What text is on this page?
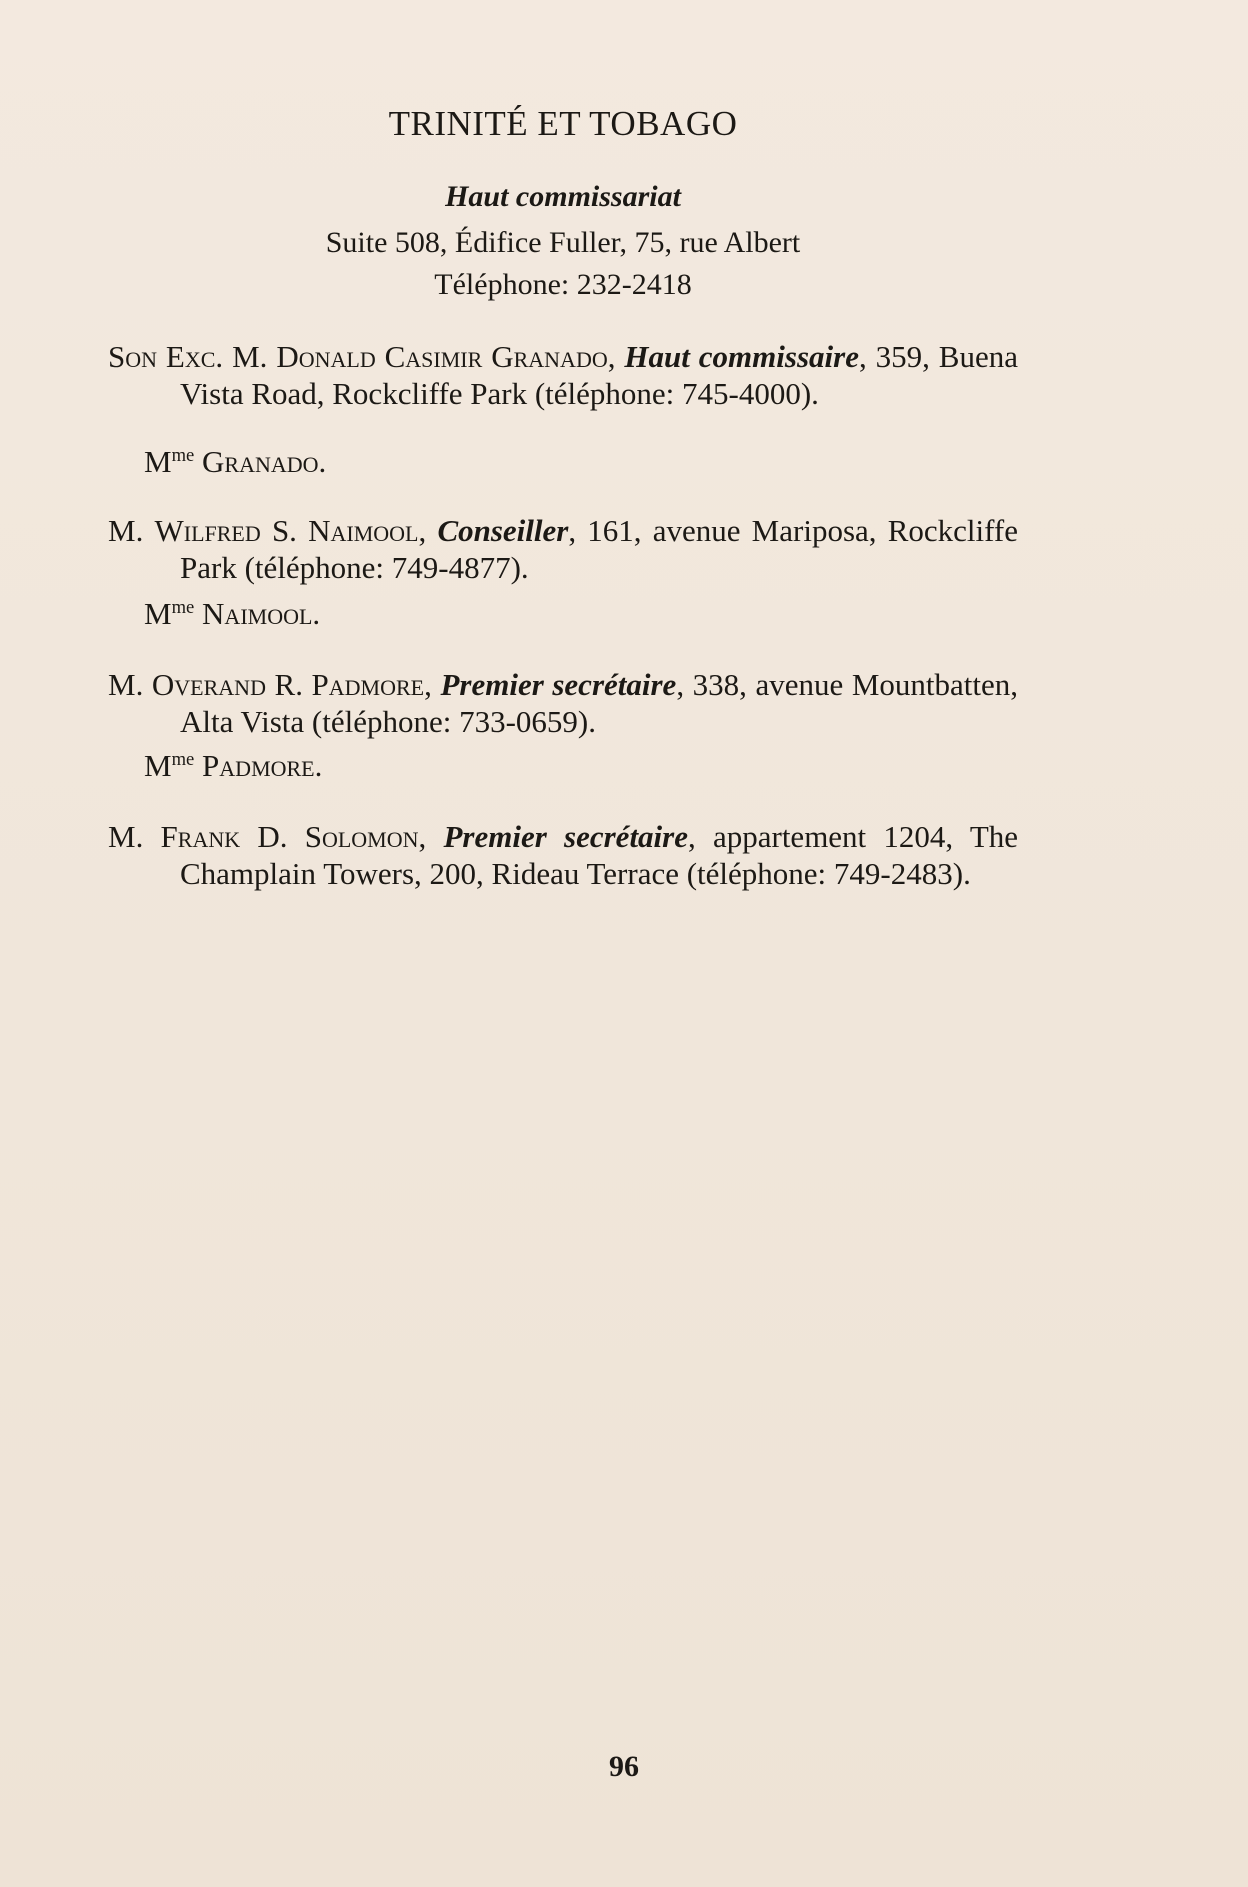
TRINITÉ ET TOBAGO
Haut commissariat
Suite 508, Édifice Fuller, 75, rue Albert
Téléphone: 232-2418
Son Exc. M. Donald Casimir Granado, Haut commissaire, 359, Buena Vista Road, Rockcliffe Park (téléphone: 745-4000).
$M^{me}$ Granado.
M. Wilfred S. Naimool, Conseiller, 161, avenue Mariposa, Rockcliffe Park (téléphone: 749-4877).
$M^{me}$ Naimool.
M. Overand R. Padmore, Premier secrétaire, 338, avenue Mountbatten, Alta Vista (téléphone: 733-0659).
$M^{me}$ Padmore.
M. Frank D. Solomon, Premier secrétaire, appartement 1204, The Champlain Towers, 200, Rideau Terrace (téléphone: 749-2483).
96
